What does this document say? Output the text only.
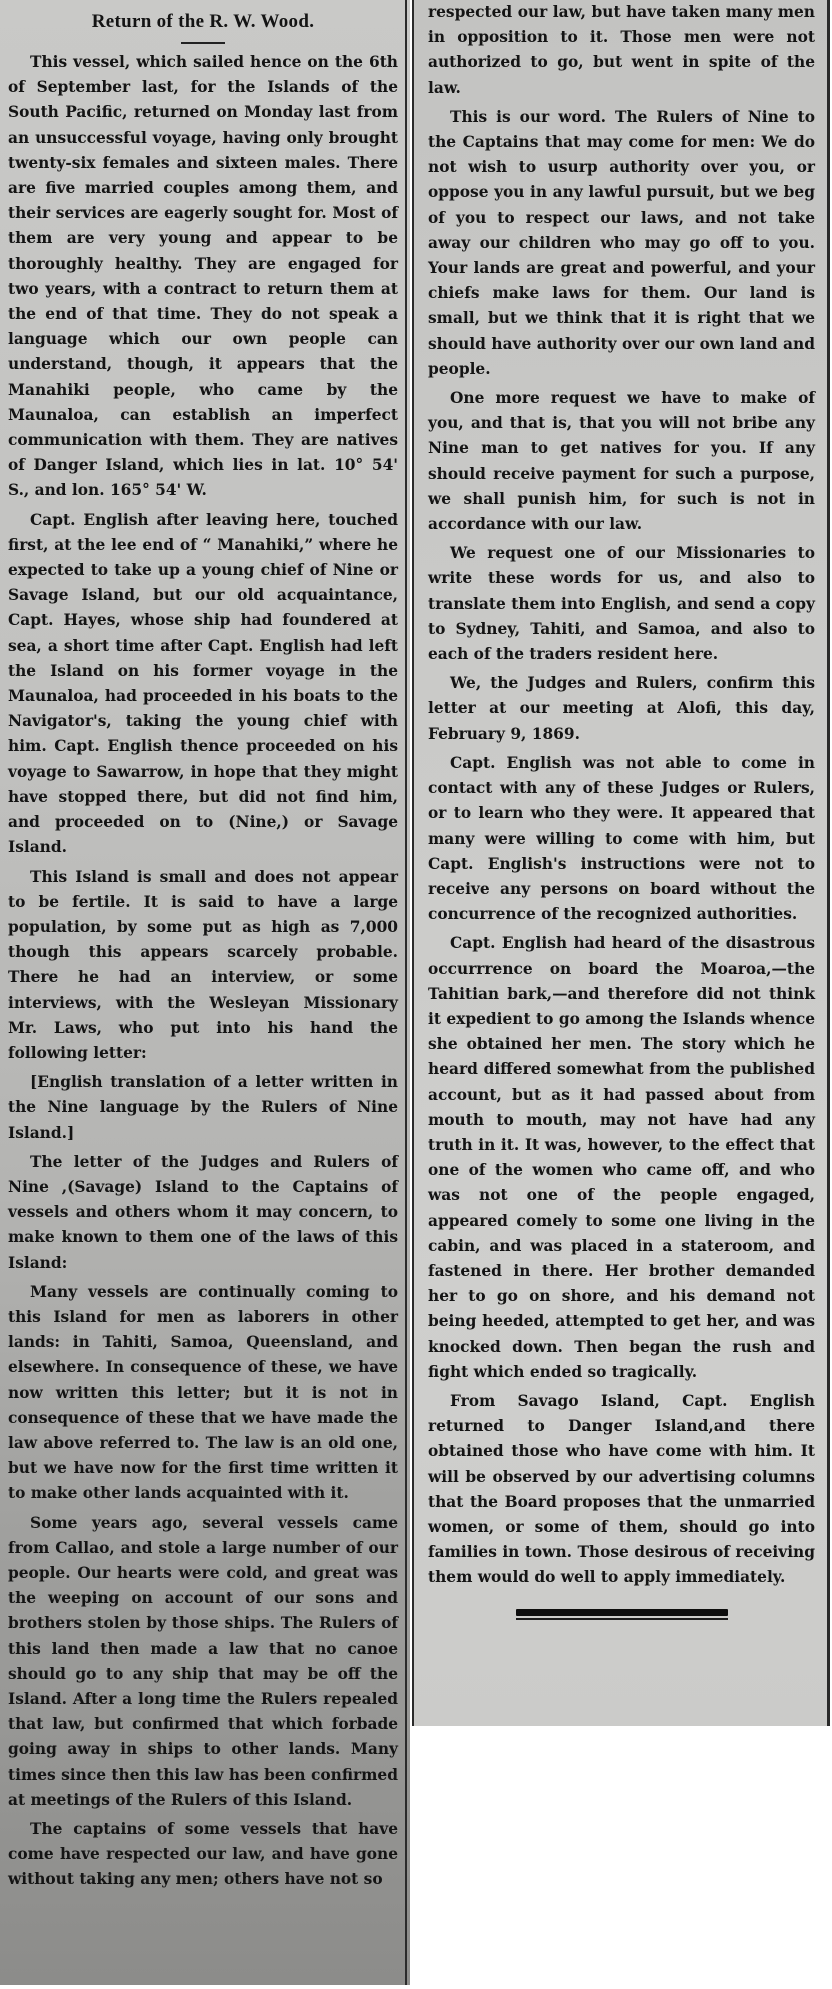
Return of the R. W. Wood.

This vessel, which sailed hence on the 6th of September last, for the Islands of the South Pacific, returned on Monday last from an unsuccessful voyage, having only brought twenty-six females and sixteen males. There are five married couples among them, and their services are eagerly sought for. Most of them are very young and appear to be thoroughly healthy. They are engaged for two years, with a contract to return them at the end of that time. They do not speak a language which our own people can understand, though, it appears that the Manahiki people, who came by the Maunaloa, can establish an imperfect communication with them. They are natives of Danger Island, which lies in lat. 10° 54' S., and lon. 165° 54' W.

Capt. English after leaving here, touched first, at the lee end of “ Manahiki,” where he expected to take up a young chief of Nine or Savage Island, but our old acquaintance, Capt. Hayes, whose ship had foundered at sea, a short time after Capt. English had left the Island on his former voyage in the Maunaloa, had proceeded in his boats to the Navigator's, taking the young chief with him. Capt. English thence proceeded on his voyage to Sawarrow, in hope that they might have stopped there, but did not find him, and proceeded on to (Nine,) or Savage Island.

This Island is small and does not appear to be fertile. It is said to have a large population, by some put as high as 7,000 though this appears scarcely probable. There he had an interview, or some interviews, with the Wesleyan Missionary Mr. Laws, who put into his hand the following letter:

[English translation of a letter written in the Nine language by the Rulers of Nine Island.]

The letter of the Judges and Rulers of Nine ,(Savage) Island to the Captains of vessels and others whom it may concern, to make known to them one of the laws of this Island:

Many vessels are continually coming to this Island for men as laborers in other lands: in Tahiti, Samoa, Queensland, and elsewhere. In consequence of these, we have now written this letter; but it is not in consequence of these that we have made the law above referred to. The law is an old one, but we have now for the first time written it to make other lands acquainted with it.

Some years ago, several vessels came from Callao, and stole a large number of our people. Our hearts were cold, and great was the weeping on account of our sons and brothers stolen by those ships. The Rulers of this land then made a law that no canoe should go to any ship that may be off the Island. After a long time the Rulers repealed that law, but confirmed that which forbade going away in ships to other lands. Many times since then this law has been confirmed at meetings of the Rulers of this Island.

The captains of some vessels that have come have respected our law, and have gone without taking any men; others have not so

respected our law, but have taken many men in opposition to it. Those men were not authorized to go, but went in spite of the law.

This is our word. The Rulers of Nine to the Captains that may come for men: We do not wish to usurp authority over you, or oppose you in any lawful pursuit, but we beg of you to respect our laws, and not take away our children who may go off to you. Your lands are great and powerful, and your chiefs make laws for them. Our land is small, but we think that it is right that we should have authority over our own land and people.

One more request we have to make of you, and that is, that you will not bribe any Nine man to get natives for you. If any should receive payment for such a purpose, we shall punish him, for such is not in accordance with our law.

We request one of our Missionaries to write these words for us, and also to translate them into English, and send a copy to Sydney, Tahiti, and Samoa, and also to each of the traders resident here.

We, the Judges and Rulers, confirm this letter at our meeting at Alofi, this day, February 9, 1869.

Capt. English was not able to come in contact with any of these Judges or Rulers, or to learn who they were. It appeared that many were willing to come with him, but Capt. English's instructions were not to receive any persons on board without the concurrence of the recognized authorities.

Capt. English had heard of the disastrous occurrrence on board the Moaroa,—the Tahitian bark,—and therefore did not think it expedient to go among the Islands whence she obtained her men. The story which he heard differed somewhat from the published account, but as it had passed about from mouth to mouth, may not have had any truth in it. It was, however, to the effect that one of the women who came off, and who was not one of the people engaged, appeared comely to some one living in the cabin, and was placed in a stateroom, and fastened in there. Her brother demanded her to go on shore, and his demand not being heeded, attempted to get her, and was knocked down. Then began the rush and fight which ended so tragically.

From Savago Island, Capt. English returned to Danger Island,and there obtained those who have come with him. It will be observed by our advertising columns that the Board proposes that the unmarried women, or some of them, should go into families in town. Those desirous of receiving them would do well to apply immediately.
